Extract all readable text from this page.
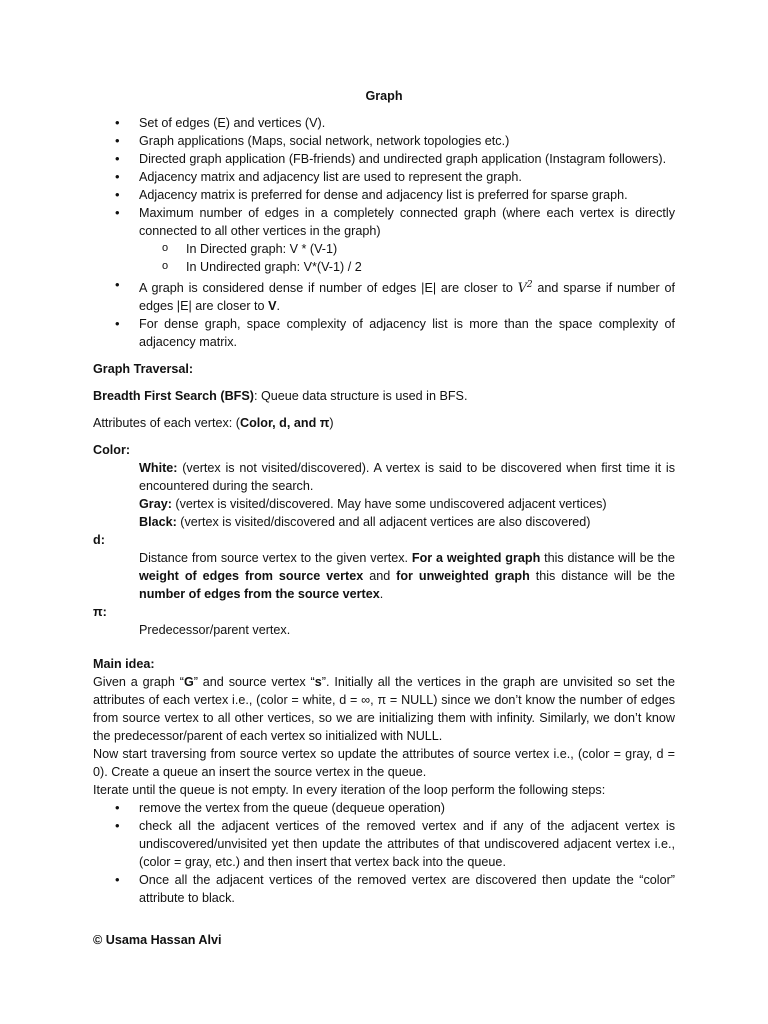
Graph
• Set of edges (E) and vertices (V).
• Graph applications (Maps, social network, network topologies etc.)
• Directed graph application (FB-friends) and undirected graph application (Instagram followers).
• Adjacency matrix and adjacency list are used to represent the graph.
• Adjacency matrix is preferred for dense and adjacency list is preferred for sparse graph.
• Maximum number of edges in a completely connected graph (where each vertex is directly connected to all other vertices in the graph)
o In Directed graph: V * (V-1)
o In Undirected graph: V*(V-1) / 2
• A graph is considered dense if number of edges |E| are closer to $V^2$ and sparse if number of edges |E| are closer to V.
• For dense graph, space complexity of adjacency list is more than the space complexity of adjacency matrix.
Graph Traversal:
Breadth First Search (BFS): Queue data structure is used in BFS.
Attributes of each vertex: (Color, d, and π)
Color:
White: (vertex is not visited/discovered). A vertex is said to be discovered when first time it is encountered during the search.
Gray: (vertex is visited/discovered. May have some undiscovered adjacent vertices)
Black: (vertex is visited/discovered and all adjacent vertices are also discovered)
d:
Distance from source vertex to the given vertex. For a weighted graph this distance will be the weight of edges from source vertex and for unweighted graph this distance will be the number of edges from the source vertex.
π:
Predecessor/parent vertex.
Main idea:
Given a graph “G” and source vertex “s”. Initially all the vertices in the graph are unvisited so set the attributes of each vertex i.e., (color = white, d = ∞, π = NULL) since we don’t know the number of edges from source vertex to all other vertices, so we are initializing them with infinity. Similarly, we don’t know the predecessor/parent of each vertex so initialized with NULL.
Now start traversing from source vertex so update the attributes of source vertex i.e., (color = gray, d = 0). Create a queue an insert the source vertex in the queue.
Iterate until the queue is not empty. In every iteration of the loop perform the following steps:
• remove the vertex from the queue (dequeue operation)
• check all the adjacent vertices of the removed vertex and if any of the adjacent vertex is undiscovered/unvisited yet then update the attributes of that undiscovered adjacent vertex i.e., (color = gray, etc.) and then insert that vertex back into the queue.
• Once all the adjacent vertices of the removed vertex are discovered then update the “color” attribute to black.
© Usama Hassan Alvi
